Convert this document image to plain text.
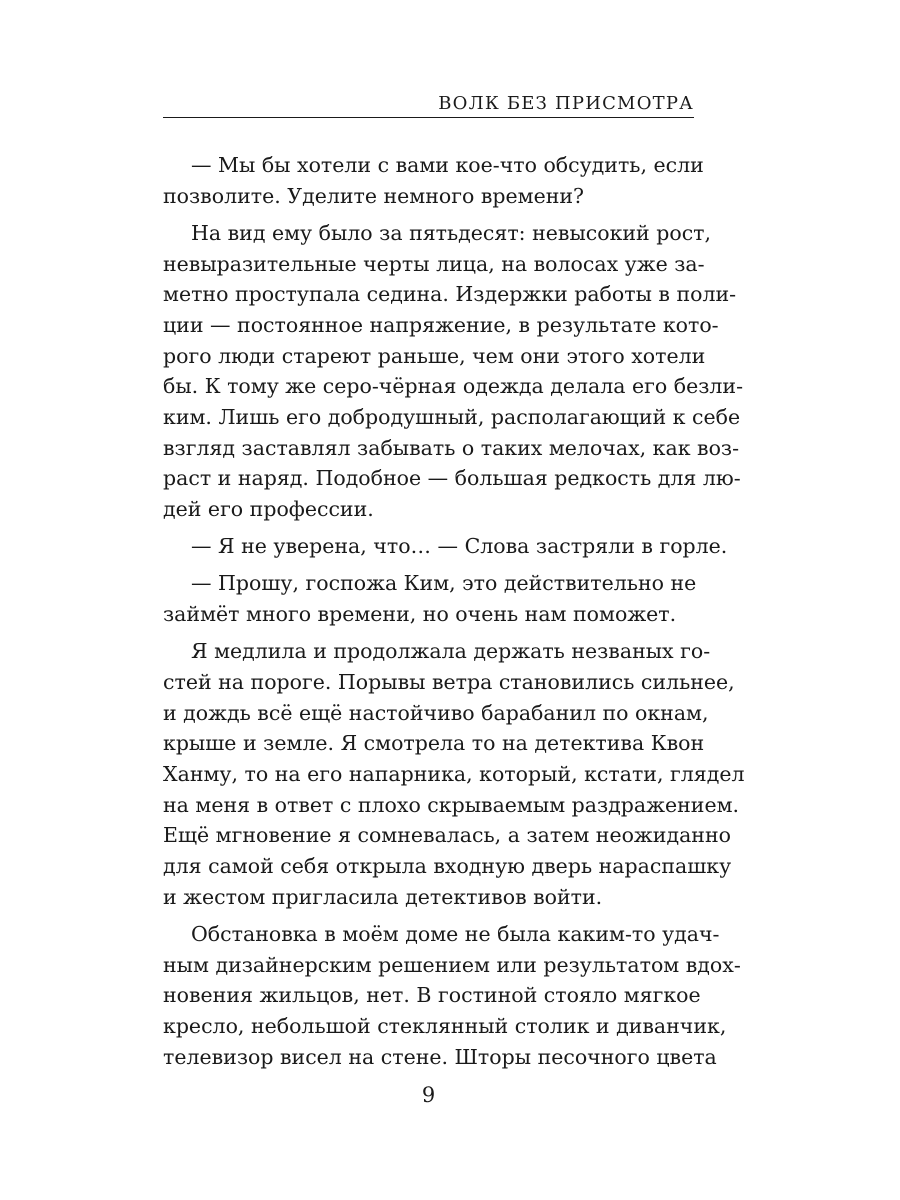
ВОЛК БЕЗ ПРИСМОТРА
— Мы бы хотели с вами кое-что обсудить, если
позволите. Уделите немного времени?
На вид ему было за пятьдесят: невысокий рост,
невыразительные черты лица, на волосах уже за-
метно проступала седина. Издержки работы в поли-
ции — постоянное напряжение, в результате кото-
рого люди стареют раньше, чем они этого хотели
бы. К тому же серо-чёрная одежда делала его безли-
ким. Лишь его добродушный, располагающий к себе
взгляд заставлял забывать о таких мелочах, как воз-
раст и наряд. Подобное — большая редкость для лю-
дей его профессии.
— Я не уверена, что… — Слова застряли в горле.
— Прошу, госпожа Ким, это действительно не
займёт много времени, но очень нам поможет.
Я медлила и продолжала держать незваных го-
стей на пороге. Порывы ветра становились сильнее,
и дождь всё ещё настойчиво барабанил по окнам,
крыше и земле. Я смотрела то на детектива Квон
Ханму, то на его напарника, который, кстати, глядел
на меня в ответ с плохо скрываемым раздражением.
Ещё мгновение я сомневалась, а затем неожиданно
для самой себя открыла входную дверь нараспашку
и жестом пригласила детективов войти.
Обстановка в моём доме не была каким-то удач-
ным дизайнерским решением или результатом вдох-
новения жильцов, нет. В гостиной стояло мягкое
кресло, небольшой стеклянный столик и диванчик,
телевизор висел на стене. Шторы песочного цвета
9
